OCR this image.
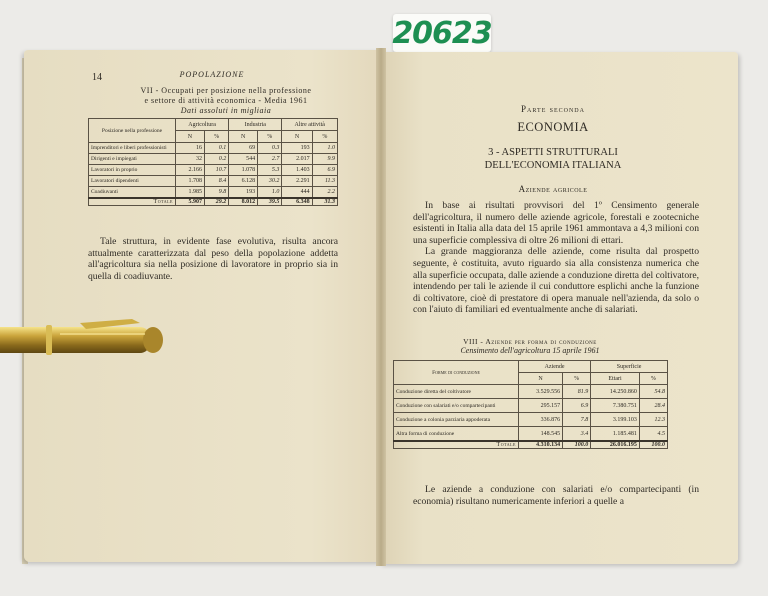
20623
14	POPOLAZIONE
VII - Occupati per posizione nella professione
e settore di attività economica - Media 1961
Dati assoluti in migliaia
Posizione nella professione	Agricoltura		Industria		Altre attività	
	N	%	N	%	N	%
Imprenditori e liberi professionisti	16	0.1	69	0.3	193	1.0
Dirigenti e impiegati	32	0.2	544	2.7	2.017	9.9
Lavoratori in proprio	2.166	10.7	1.078	5.3	1.403	6.9
Lavoratori dipendenti	1.708	8.4	6.128	30.2	2.291	11.3
Coadiuvanti	1.985	9.8	193	1.0	444	2.2
Totale	5.907	29.2	8.012	39.5	6.348	31.3

Tale struttura, in evidente fase evolutiva, risulta ancora attualmente caratterizzata dal peso della popolazione addetta all'agricoltura sia nella posizione di lavoratore in proprio sia in quella di coadiuvante.

Parte seconda
ECONOMIA
3 - ASPETTI STRUTTURALI
DELL'ECONOMIA ITALIANA
Aziende agricole

In base ai risultati provvisori del 1º Censimento generale dell'agricoltura, il numero delle aziende agricole, forestali e zootecniche esistenti in Italia alla data del 15 aprile 1961 ammontava a 4,3 milioni con una superficie complessiva di oltre 26 milioni di ettari.

La grande maggioranza delle aziende, come risulta dal prospetto seguente, è costituita, avuto riguardo sia alla consistenza numerica che alla superficie occupata, dalle aziende a conduzione diretta del coltivatore, intendendo per tali le aziende il cui conduttore esplichi anche la funzione di coltivatore, cioè di prestatore di opera manuale nell'azienda, da solo o con l'aiuto di familiari ed eventualmente anche di salariati.

VIII - Aziende per forma di conduzione
Censimento dell'agricoltura 15 aprile 1961
Forme di conduzione	Aziende		Superficie	
	N	%	Ettari	%
Conduzione diretta del coltivatore	3.529.556	81.9	14.250.860	54.8
Conduzione con salariati e/o compartecipanti	295.157	6.9	7.380.751	28.4
Conduzione a colonia parziaria appoderata	336.876	7.8	3.199.103	12.3
Altra forma di conduzione	148.545	3.4	1.185.481	4.5
Totale	4.310.134	100.0	26.016.195	100.0

Le aziende a conduzione con salariati e/o compartecipanti (in economia) risultano numericamente inferiori a quelle a
